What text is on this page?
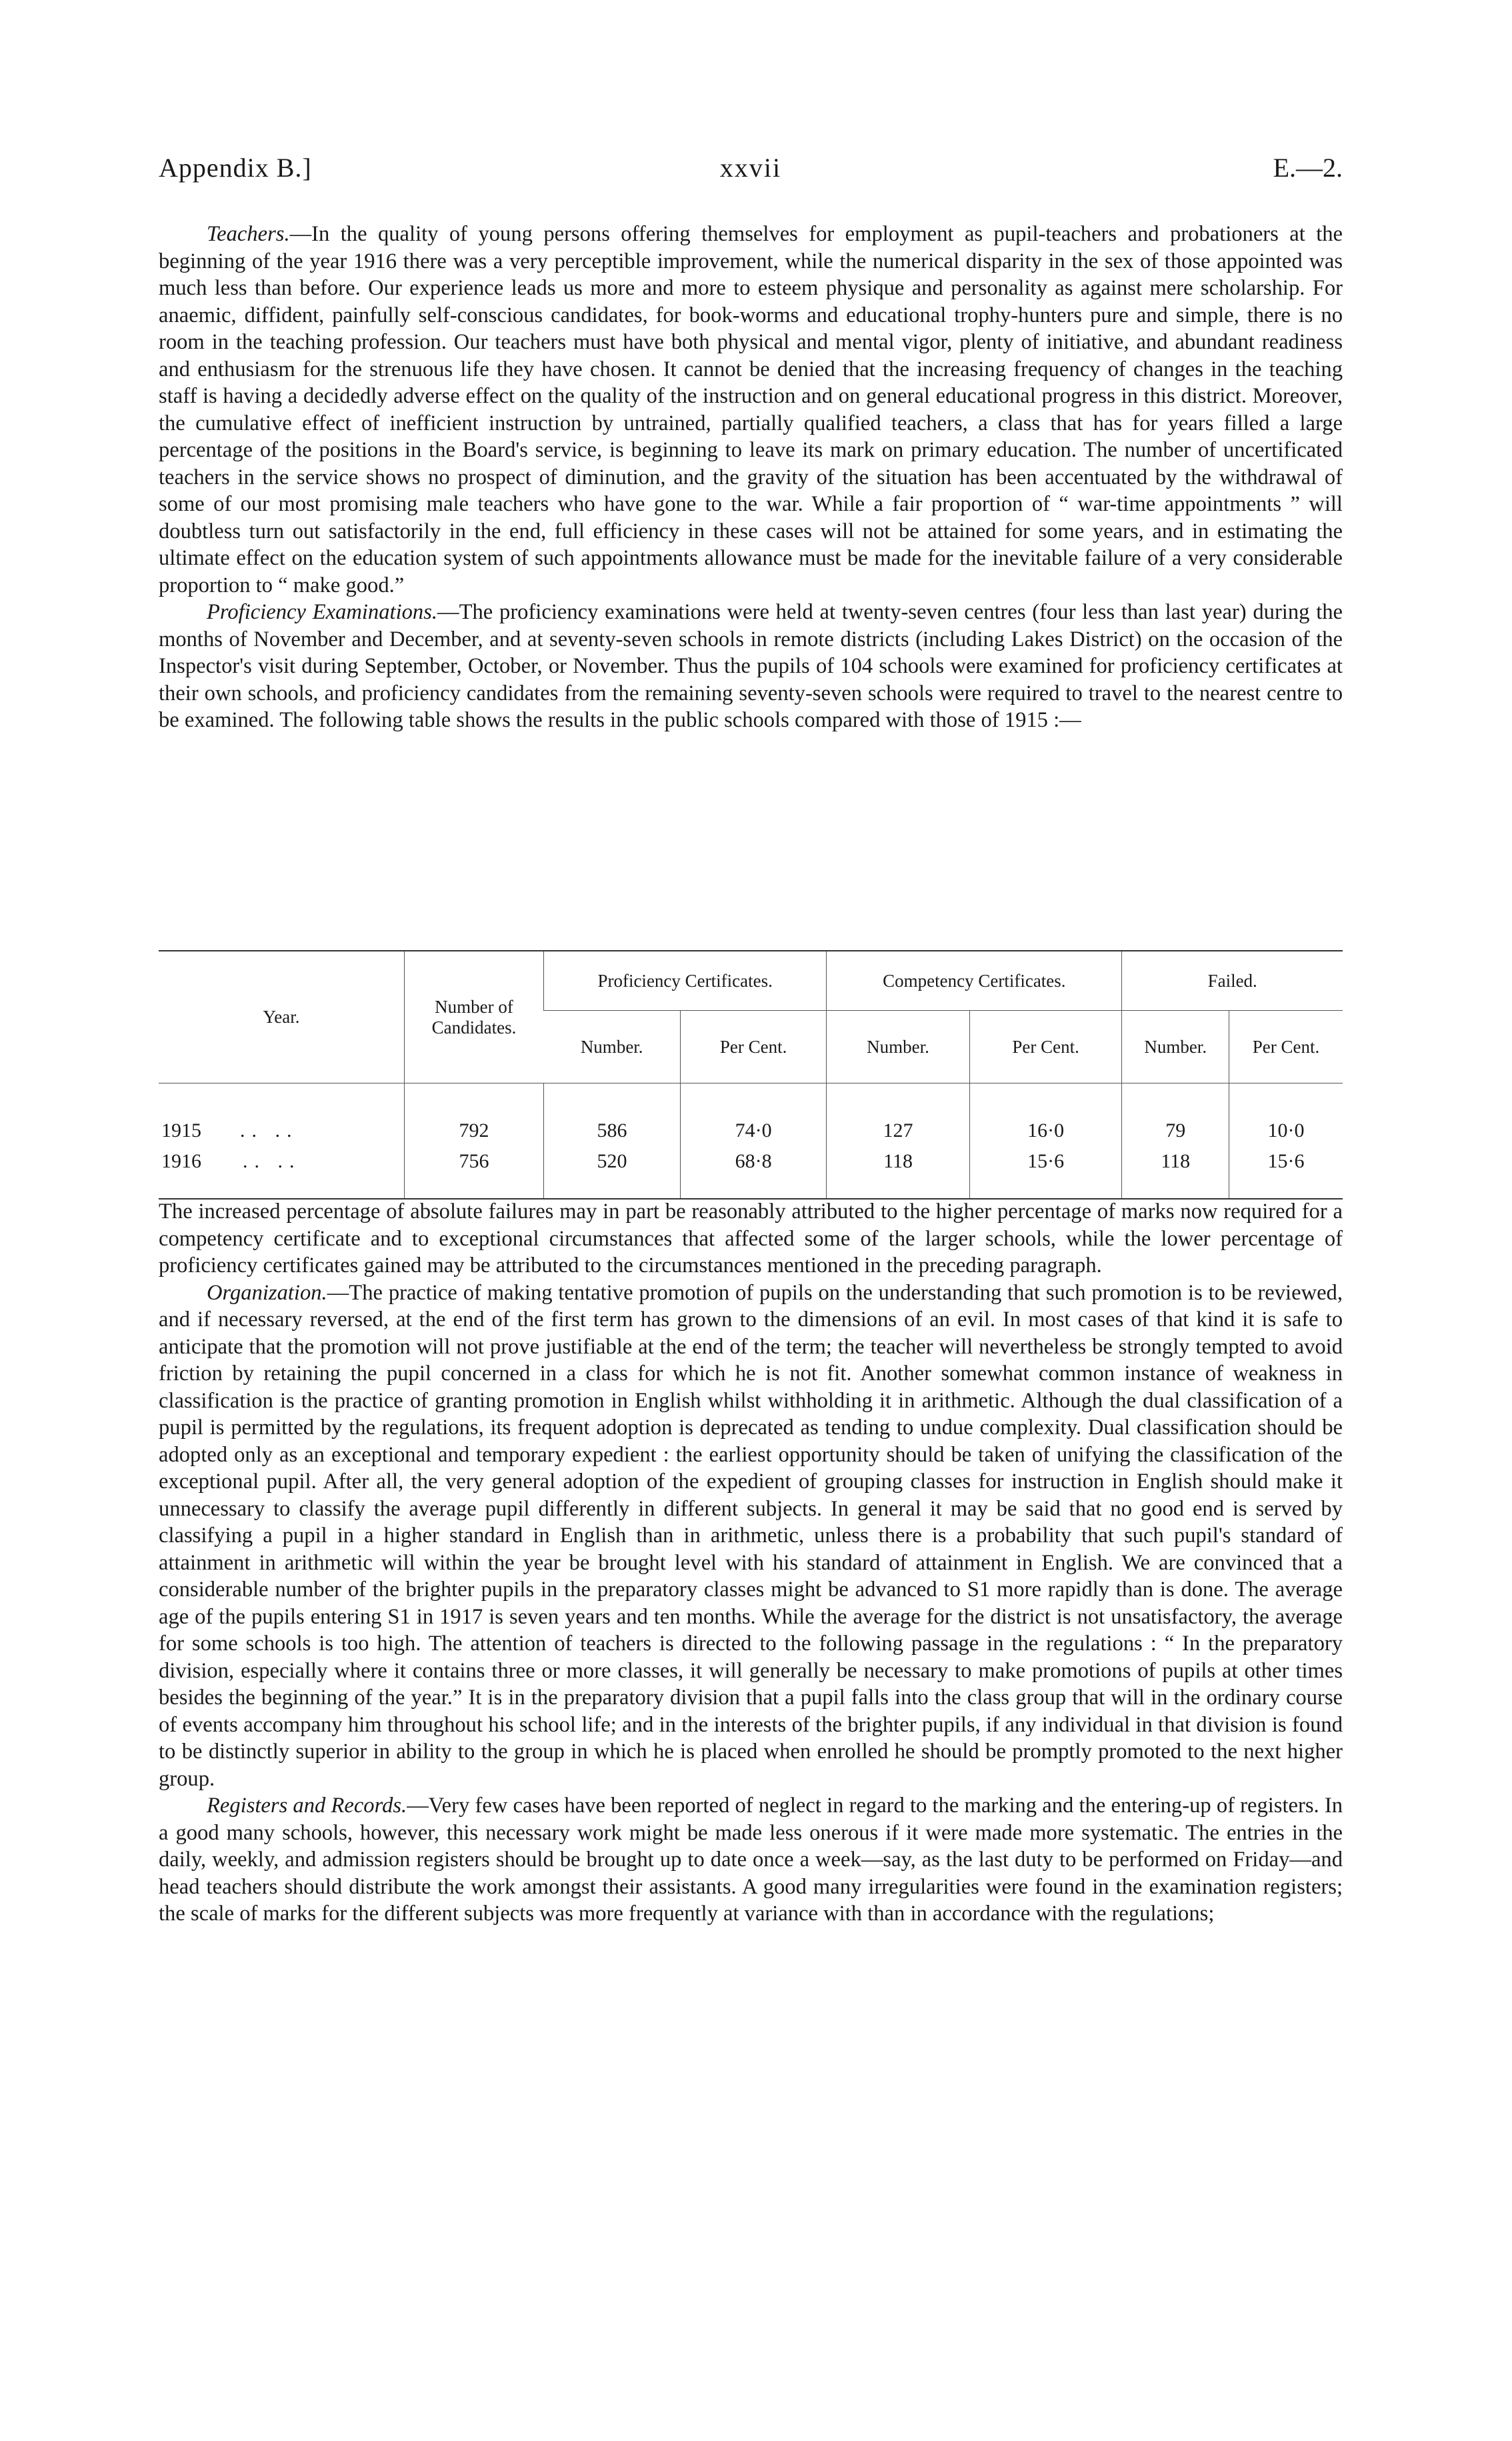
Appendix B.]	xxvii	E.—2.

Teachers.—In the quality of young persons offering themselves for employment as pupil-teachers and probationers at the beginning of the year 1916 there was a very perceptible improvement, while the numerical disparity in the sex of those appointed was much less than before. Our experience leads us more and more to esteem physique and personality as against mere scholarship. For anaemic, diffident, painfully self-conscious candidates, for book-worms and educational trophy-hunters pure and simple, there is no room in the teaching profession. Our teachers must have both physical and mental vigor, plenty of initiative, and abundant readiness and enthusiasm for the strenuous life they have chosen. It cannot be denied that the increasing frequency of changes in the teaching staff is having a decidedly adverse effect on the quality of the instruction and on general educational progress in this district. Moreover, the cumulative effect of inefficient instruction by untrained, partially qualified teachers, a class that has for years filled a large percentage of the positions in the Board's service, is beginning to leave its mark on primary education. The number of uncertificated teachers in the service shows no prospect of diminution, and the gravity of the situation has been accentuated by the withdrawal of some of our most promising male teachers who have gone to the war. While a fair proportion of “ war-time appointments ” will doubtless turn out satisfactorily in the end, full efficiency in these cases will not be attained for some years, and in estimating the ultimate effect on the education system of such appointments allowance must be made for the inevitable failure of a very considerable proportion to “ make good.”

Proficiency Examinations.—The proficiency examinations were held at twenty-seven centres (four less than last year) during the months of November and December, and at seventy-seven schools in remote districts (including Lakes District) on the occasion of the Inspector's visit during September, October, or November. Thus the pupils of 104 schools were examined for proficiency certificates at their own schools, and proficiency candidates from the remaining seventy-seven schools were required to travel to the nearest centre to be examined. The following table shows the results in the public schools compared with those of 1915 :—

Year.	Number of Candidates.	Proficiency Certificates.		Competency Certificates.		Failed.	
		Number.	Per Cent.	Number.	Per Cent.	Number.	Per Cent.
1915 .. ..	792	586	74·0	127	16·0	79	10·0
1916 .. ..	756	520	68·8	118	15·6	118	15·6

The increased percentage of absolute failures may in part be reasonably attributed to the higher percentage of marks now required for a competency certificate and to exceptional circumstances that affected some of the larger schools, while the lower percentage of proficiency certificates gained may be attributed to the circumstances mentioned in the preceding paragraph.

Organization.—The practice of making tentative promotion of pupils on the understanding that such promotion is to be reviewed, and if necessary reversed, at the end of the first term has grown to the dimensions of an evil. In most cases of that kind it is safe to anticipate that the promotion will not prove justifiable at the end of the term; the teacher will nevertheless be strongly tempted to avoid friction by retaining the pupil concerned in a class for which he is not fit. Another somewhat common instance of weakness in classification is the practice of granting promotion in English whilst withholding it in arithmetic. Although the dual classification of a pupil is permitted by the regulations, its frequent adoption is deprecated as tending to undue complexity. Dual classification should be adopted only as an exceptional and temporary expedient : the earliest opportunity should be taken of unifying the classification of the exceptional pupil. After all, the very general adoption of the expedient of grouping classes for instruction in English should make it unnecessary to classify the average pupil differently in different subjects. In general it may be said that no good end is served by classifying a pupil in a higher standard in English than in arithmetic, unless there is a probability that such pupil's standard of attainment in arithmetic will within the year be brought level with his standard of attainment in English. We are convinced that a considerable number of the brighter pupils in the preparatory classes might be advanced to S1 more rapidly than is done. The average age of the pupils entering S1 in 1917 is seven years and ten months. While the average for the district is not unsatisfactory, the average for some schools is too high. The attention of teachers is directed to the following passage in the regulations : “ In the preparatory division, especially where it contains three or more classes, it will generally be necessary to make promotions of pupils at other times besides the beginning of the year.” It is in the preparatory division that a pupil falls into the class group that will in the ordinary course of events accompany him throughout his school life; and in the interests of the brighter pupils, if any individual in that division is found to be distinctly superior in ability to the group in which he is placed when enrolled he should be promptly promoted to the next higher group.

Registers and Records.—Very few cases have been reported of neglect in regard to the marking and the entering-up of registers. In a good many schools, however, this necessary work might be made less onerous if it were made more systematic. The entries in the daily, weekly, and admission registers should be brought up to date once a week—say, as the last duty to be performed on Friday—and head teachers should distribute the work amongst their assistants. A good many irregularities were found in the examination registers; the scale of marks for the different subjects was more frequently at variance with than in accordance with the regulations;
